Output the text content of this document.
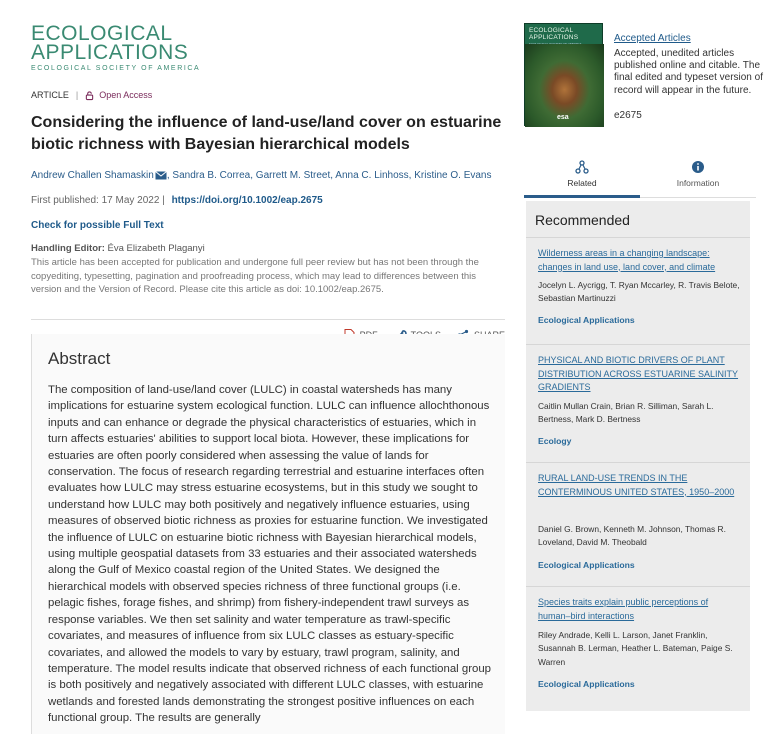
ECOLOGICAL
APPLICATIONS
ECOLOGICAL SOCIETY OF AMERICA
ARTICLE | Open Access
Considering the influence of land-use/land cover on estuarine biotic richness with Bayesian hierarchical models
Andrew Challen Shamaskin , Sandra B. Correa, Garrett M. Street, Anna C. Linhoss, Kristine O. Evans
First published: 17 May 2022 | https://doi.org/10.1002/eap.2675
Check for possible Full Text
Handling Editor: Éva Elizabeth Plaganyi
This article has been accepted for publication and undergone full peer review but has not been through the copyediting, typesetting, pagination and proofreading process, which may lead to differences between this version and the Version of Record. Please cite this article as doi: 10.1002/eap.2675.
Abstract

The composition of land-use/land cover (LULC) in coastal watersheds has many implications for estuarine system ecological function. LULC can influence allochthonous inputs and can enhance or degrade the physical characteristics of estuaries, which in turn affects estuaries' abilities to support local biota. However, these implications for estuaries are often poorly considered when assessing the value of lands for conservation. The focus of research regarding terrestrial and estuarine interfaces often evaluates how LULC may stress estuarine ecosystems, but in this study we sought to understand how LULC may both positively and negatively influence estuaries, using measures of observed biotic richness as proxies for estuarine function. We investigated the influence of LULC on estuarine biotic richness with Bayesian hierarchical models, using multiple geospatial datasets from 33 estuaries and their associated watersheds along the Gulf of Mexico coastal region of the United States. We designed the hierarchical models with observed species richness of three functional groups (i.e. pelagic fishes, forage fishes, and shrimp) from fishery-independent trawl surveys as response variables. We then set salinity and water temperature as trawl-specific covariates, and measures of influence from six LULC classes as estuary-specific covariates, and allowed the models to vary by estuary, trawl program, salinity, and temperature. The model results indicate that observed richness of each functional group is both positively and negatively associated with different LULC classes, with estuarine wetlands and forested lands demonstrating the strongest positive influences on each functional group. The results are generally

ECOLOGICAL
APPLICATIONS
esa
Accepted Articles
Accepted, unedited articles published online and citable. The final edited and typeset version of record will appear in the future.
e2675
Related	Information
Recommended
Wilderness areas in a changing landscape: changes in land use, land cover, and climate
Jocelyn L. Aycrigg, T. Ryan Mccarley, R. Travis Belote, Sebastian Martinuzzi
Ecological Applications
PHYSICAL AND BIOTIC DRIVERS OF PLANT DISTRIBUTION ACROSS ESTUARINE SALINITY GRADIENTS
Caitlin Mullan Crain, Brian R. Silliman, Sarah L. Bertness, Mark D. Bertness
Ecology
RURAL LAND-USE TRENDS IN THE CONTERMINOUS UNITED STATES, 1950–2000
Daniel G. Brown, Kenneth M. Johnson, Thomas R. Loveland, David M. Theobald
Ecological Applications
Species traits explain public perceptions of human–bird interactions
Riley Andrade, Kelli L. Larson, Janet Franklin, Susannah B. Lerman, Heather L. Bateman, Paige S. Warren
Ecological Applications
